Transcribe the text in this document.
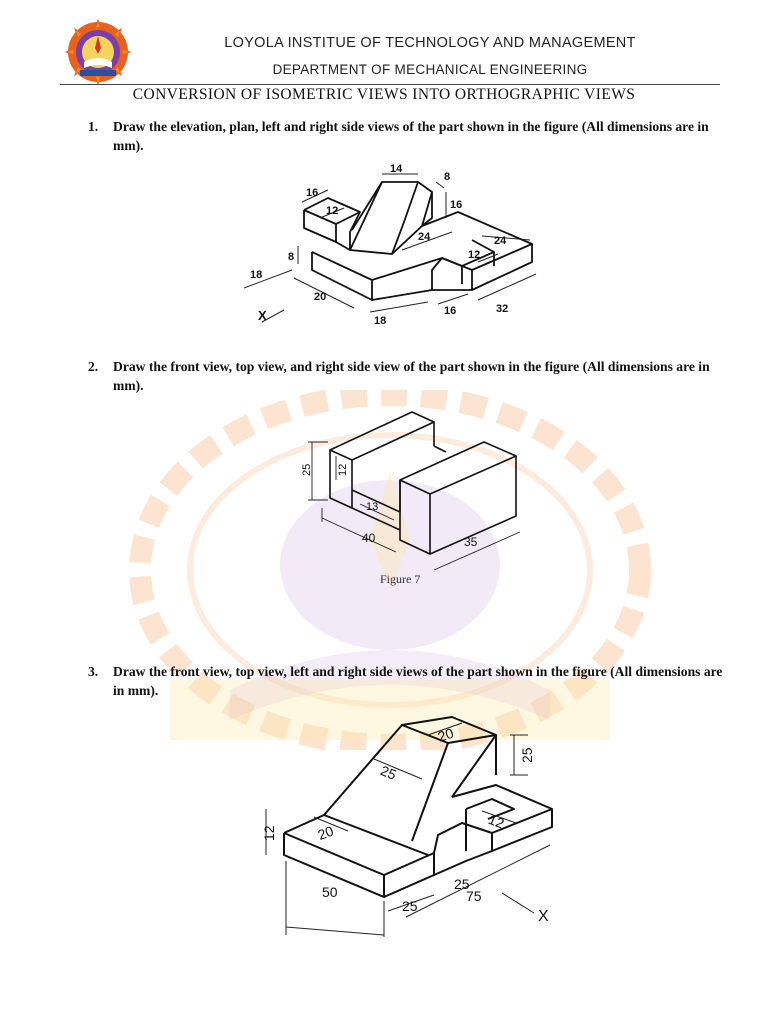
LOYOLA INSTITUE OF TECHNOLOGY AND MANAGEMENT
DEPARTMENT OF MECHANICAL ENGINEERING
CONVERSION OF ISOMETRIC VIEWS INTO ORTHOGRAPHIC VIEWS
1.	Draw the elevation, plan, left and right side views of the part shown in the figure (All dimensions are in mm).
16
14
8
12	16
24	24
12
8
18
20
18
16	32
X
2.	Draw the front view, top view, and right side view of the part shown in the figure (All dimensions are in mm).
25 12
13
40	35
Figure 7
3.	Draw the front view, top view, left and right side views of the part shown in the figure (All dimensions are in mm).
20
25
25
12	20
12
50
25
25
75
X
